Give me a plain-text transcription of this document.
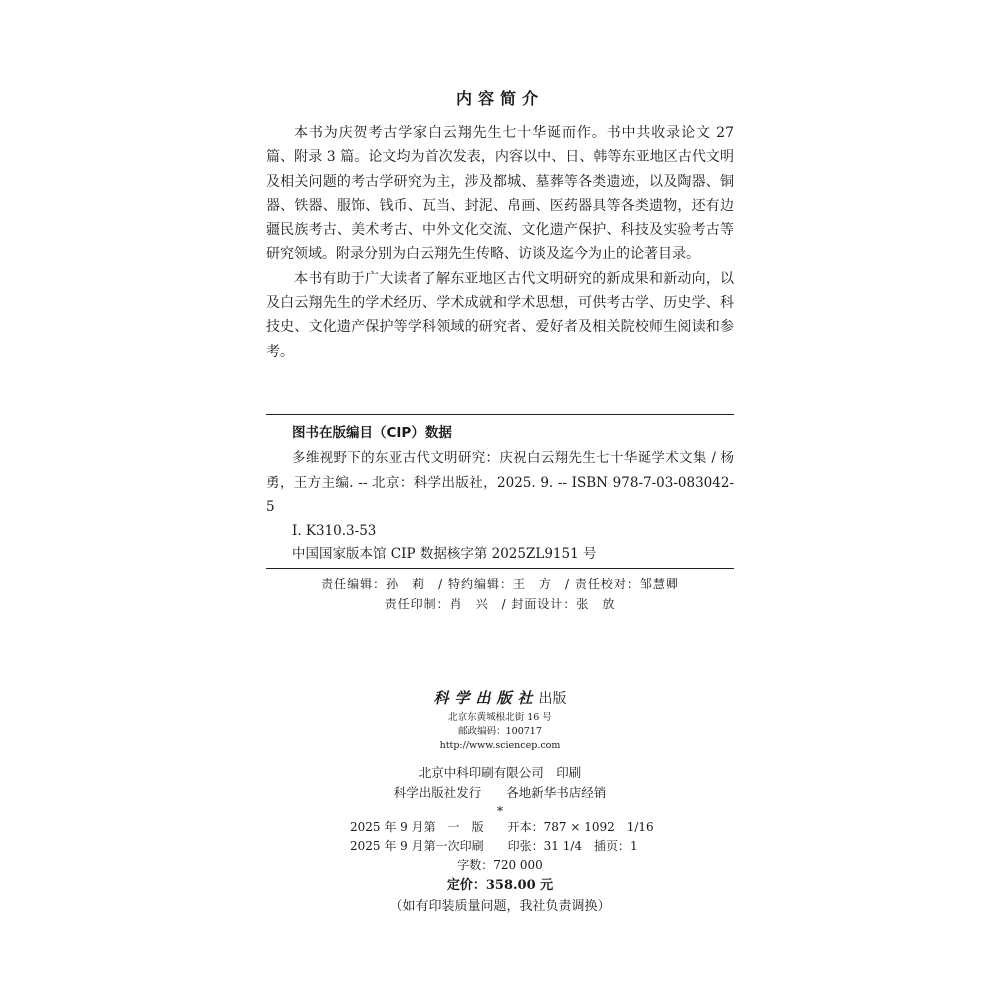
内容简介

本书为庆贺考古学家白云翔先生七十华诞而作。书中共收录论文 27 篇、附录 3 篇。论文均为首次发表，内容以中、日、韩等东亚地区古代文明及相关问题的考古学研究为主，涉及都城、墓葬等各类遗迹，以及陶器、铜器、铁器、服饰、钱币、瓦当、封泥、帛画、医药器具等各类遗物，还有边疆民族考古、美术考古、中外文化交流、文化遗产保护、科技及实验考古等研究领域。附录分别为白云翔先生传略、访谈及迄今为止的论著目录。

本书有助于广大读者了解东亚地区古代文明研究的新成果和新动向，以及白云翔先生的学术经历、学术成就和学术思想，可供考古学、历史学、科技史、文化遗产保护等学科领域的研究者、爱好者及相关院校师生阅读和参考。

图书在版编目（CIP）数据

多维视野下的东亚古代文明研究：庆祝白云翔先生七十华诞学术文集 / 杨勇，王方主编. -- 北京：科学出版社，2025. 9. -- ISBN 978-7-03-083042-5

Ⅰ. K310.3-53

中国国家版本馆 CIP 数据核字第 2025ZL9151 号

责任编辑：孙　莉　/ 特约编辑：王　方　/ 责任校对：邹慧卿
责任印制：肖　兴　/ 封面设计：张　放
科学出版社出版
北京东黄城根北街 16 号
邮政编码：100717
http://www.sciencep.com
北京中科印刷有限公司　印刷
科学出版社发行　　各地新华书店经销
*
2025 年 9 月第　一　版　　开本：787 × 1092　1/16
2025 年 9 月第一次印刷　　印张：31 1/4　插页：1
字数：720 000
定价：358.00 元
（如有印装质量问题，我社负责调换）
